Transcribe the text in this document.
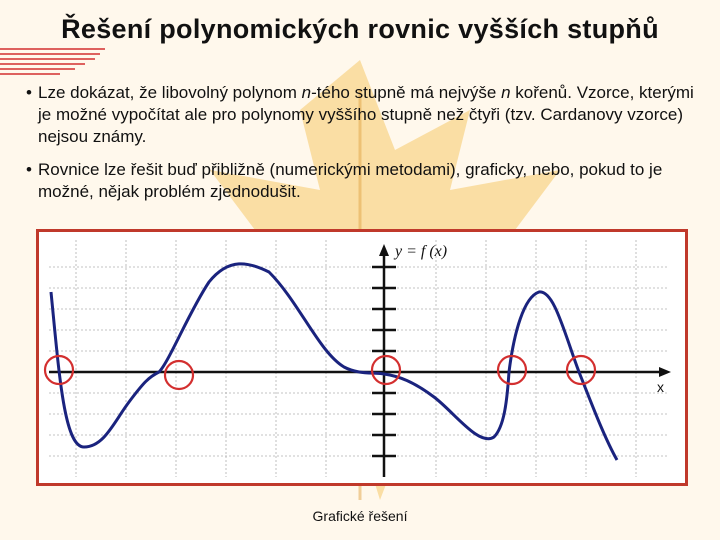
Řešení polynomických rovnic vyšších stupňů
• Lze dokázat, že libovolný polynom n-tého stupně má nejvýše n kořenů. Vzorce, kterými je možné vypočítat ale pro polynomy vyššího stupně než čtyři (tzv. Cardanovy vzorce) nejsou známy.
• Rovnice lze řešit buď přibližně (numerickými metodami), graficky, nebo, pokud to je možné, nějak problém zjednodušit.
y = f (x)
x
Grafické řešení
